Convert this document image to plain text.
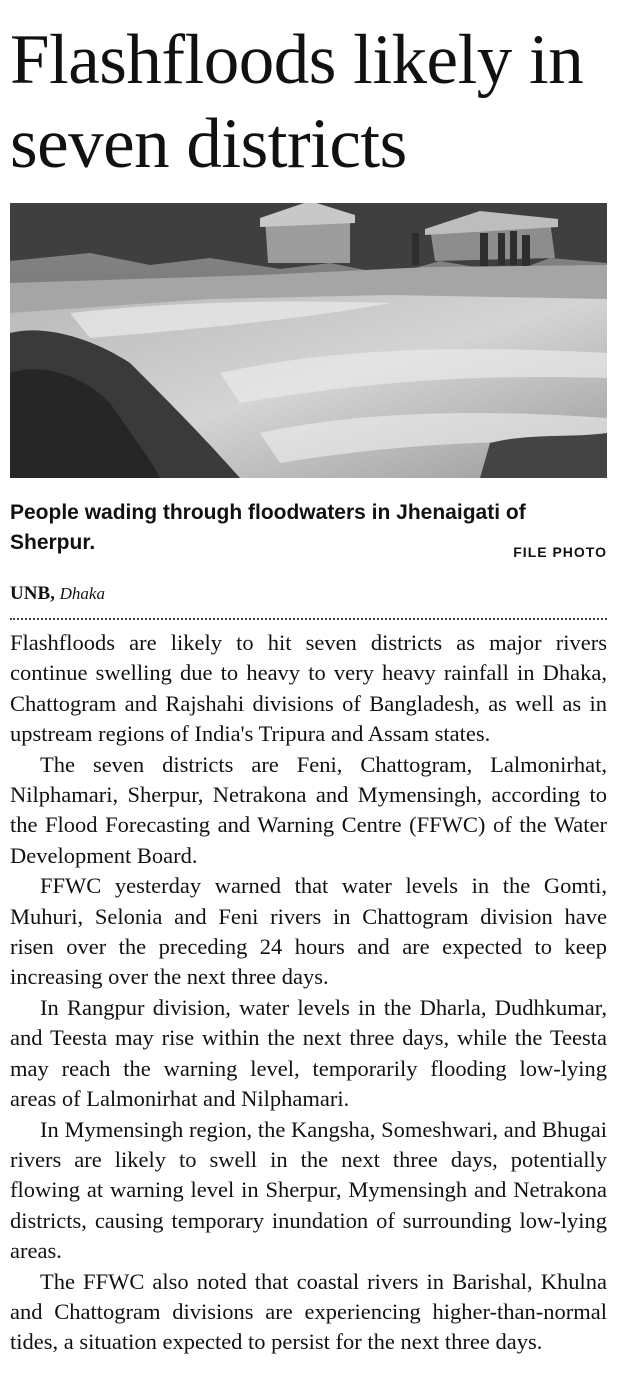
Flashfloods likely in seven districts
People wading through floodwaters in Jhenaigati of Sherpur.	FILE PHOTO
UNB, Dhaka

Flashfloods are likely to hit seven districts as major rivers continue swelling due to heavy to very heavy rainfall in Dhaka, Chattogram and Rajshahi divisions of Bangladesh, as well as in upstream regions of India's Tripura and Assam states.

The seven districts are Feni, Chattogram, Lalmonirhat, Nilphamari, Sherpur, Netrakona and Mymensingh, according to the Flood Forecasting and Warning Centre (FFWC) of the Water Development Board.

FFWC yesterday warned that water levels in the Gomti, Muhuri, Selonia and Feni rivers in Chattogram division have risen over the preceding 24 hours and are expected to keep increasing over the next three days.

In Rangpur division, water levels in the Dharla, Dudhkumar, and Teesta may rise within the next three days, while the Teesta may reach the warning level, temporarily flooding low-lying areas of Lalmonirhat and Nilphamari.

In Mymensingh region, the Kangsha, Someshwari, and Bhugai rivers are likely to swell in the next three days, potentially flowing at warning level in Sherpur, Mymensingh and Netrakona districts, causing temporary inundation of surrounding low-lying areas.

The FFWC also noted that coastal rivers in Barishal, Khulna and Chattogram divisions are experiencing higher-than-normal tides, a situation expected to persist for the next three days.
